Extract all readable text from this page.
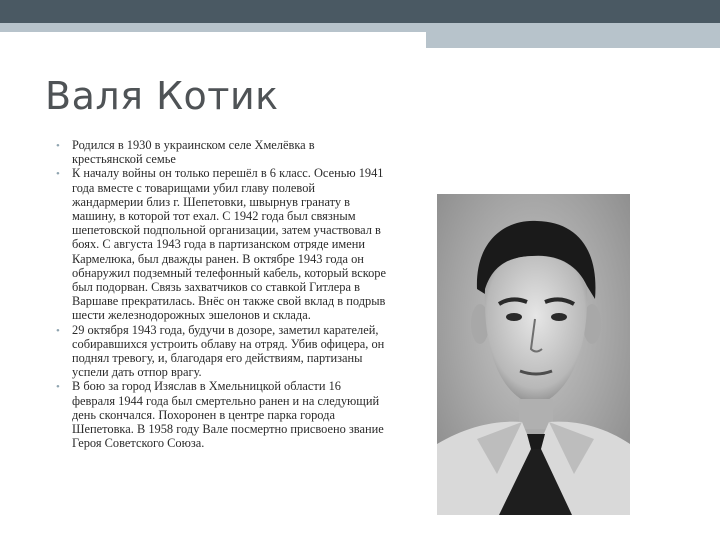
Валя Котик
• Родился в 1930 в украинском селе Хмелёвка в крестьянской семье
• К началу войны он только перешёл в 6 класс. Осенью 1941 года вместе с товарищами убил главу полевой жандармерии близ г. Шепетовки, швырнув гранату в машину, в которой тот ехал. С 1942 года был связным шепетовской подпольной организации, затем участвовал в боях. С августа 1943 года в партизанском отряде имени Кармелюка, был дважды ранен. В октябре 1943 года он обнаружил подземный телефонный кабель, который вскоре был подорван. Связь захватчиков со ставкой Гитлера в Варшаве прекратилась. Внёс он также свой вклад в подрыв шести железнодорожных эшелонов и склада.
• 29 октября 1943 года, будучи в дозоре, заметил карателей, собиравшихся устроить облаву на отряд. Убив офицера, он поднял тревогу, и, благодаря его действиям, партизаны успели дать отпор врагу.
• В бою за город Изяслав в Хмельницкой области 16 февраля 1944 года был смертельно ранен и на следующий день скончался. Похоронен в центре парка города Шепетовка. В 1958 году Вале посмертно присвоено звание Героя Советского Союза.
